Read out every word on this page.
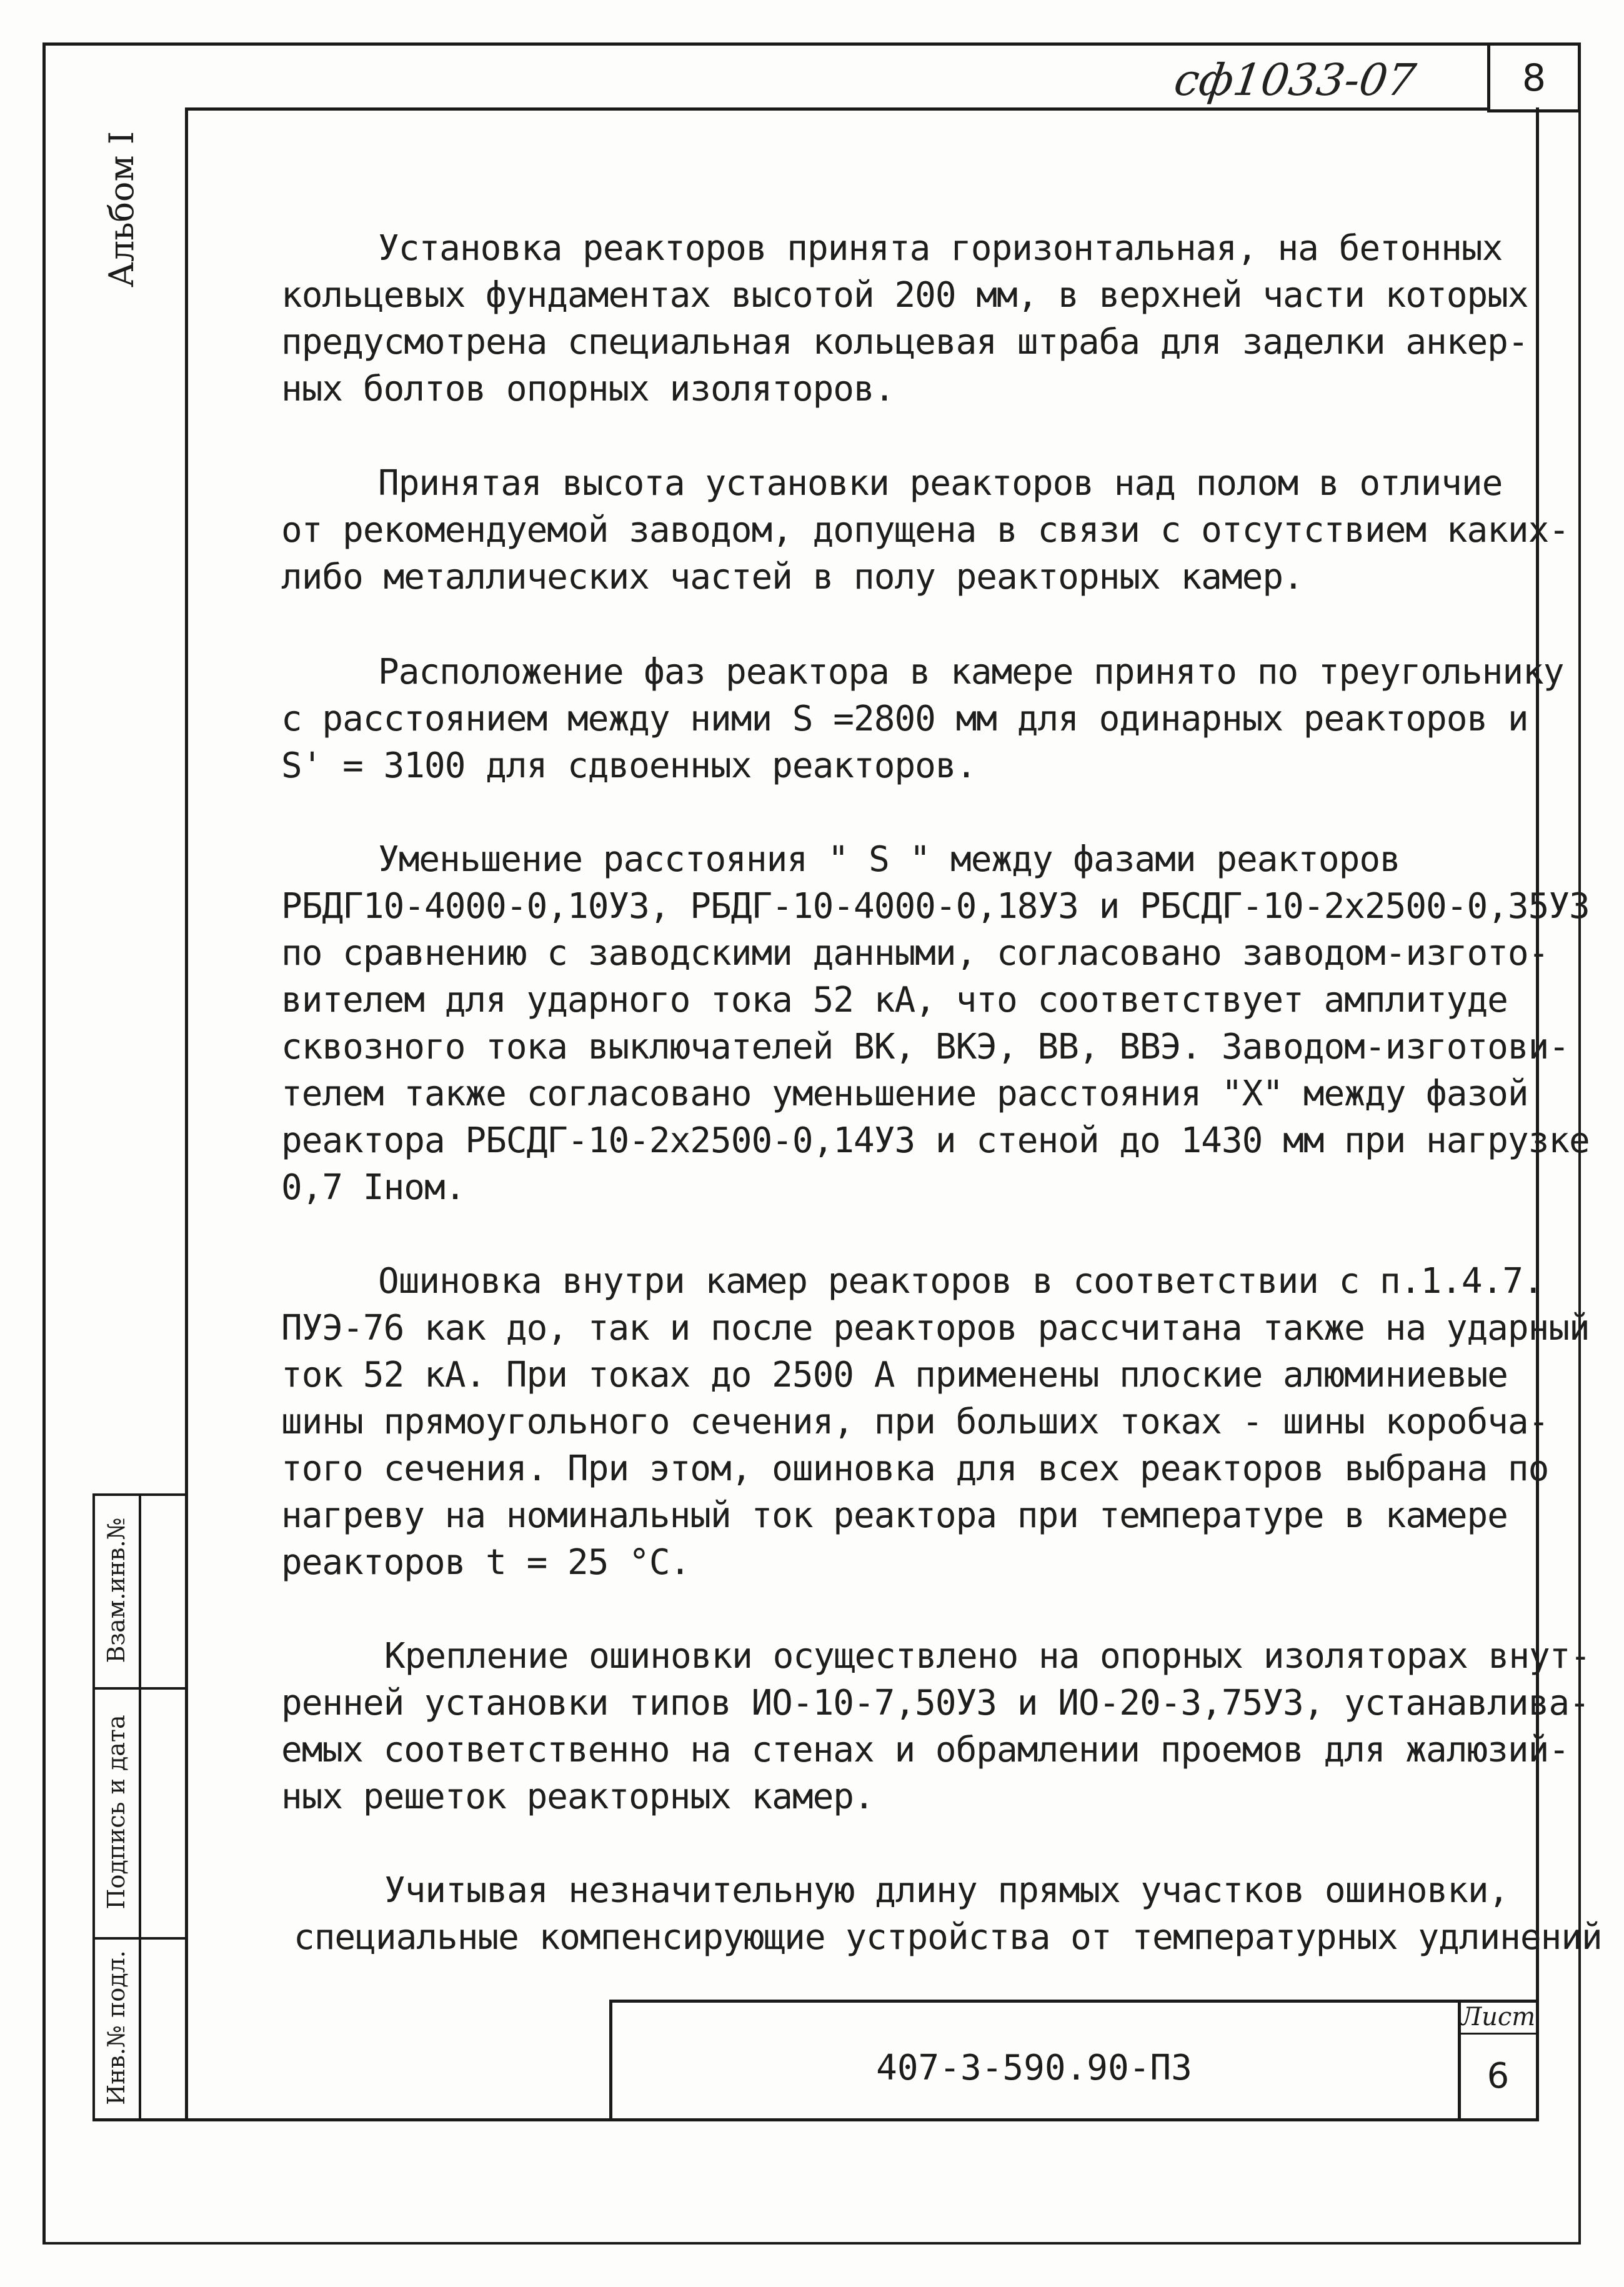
сф1033-07	8
Альбом I
Взам.инв.№
Подпись и дата
Инв.№ подл.
Установка реакторов принята горизонтальная, на бетонных
кольцевых фундаментах высотой 200 мм, в верхней части которых
предусмотрена специальная кольцевая штраба для заделки анкер-
ных болтов опорных изоляторов.
Принятая высота установки реакторов над полом в отличие
от рекомендуемой заводом, допущена в связи с отсутствием каких-
либо металлических частей в полу реакторных камер.
Расположение фаз реактора в камере принято по треугольнику
с расстоянием между ними S =2800 мм для одинарных реакторов и
S' = 3100 для сдвоенных реакторов.
Уменьшение расстояния " S " между фазами реакторов
РБДГ10-4000-0,10УЗ, РБДГ-10-4000-0,18УЗ и РБСДГ-10-2х2500-0,35УЗ
по сравнению с заводскими данными, согласовано заводом-изгото-
вителем для ударного тока 52 кА, что соответствует амплитуде
сквозного тока выключателей ВК, ВКЭ, ВВ, ВВЭ. Заводом-изготови-
телем также согласовано уменьшение расстояния "Х" между фазой
реактора РБСДГ-10-2х2500-0,14УЗ и стеной до 1430 мм при нагрузке
0,7 Iном.
Ошиновка внутри камер реакторов в соответствии с п.1.4.7.
ПУЭ-76 как до, так и после реакторов рассчитана также на ударный
ток 52 кА. При токах до 2500 А применены плоские алюминиевые
шины прямоугольного сечения, при больших токах - шины коробча-
того сечения. При этом, ошиновка для всех реакторов выбрана по
нагреву на номинальный ток реактора при температуре в камере
реакторов t = 25 °С.
Крепление ошиновки осуществлено на опорных изоляторах внут-
ренней установки типов ИО-10-7,50УЗ и ИО-20-3,75УЗ, устанавлива-
емых соответственно на стенах и обрамлении проемов для жалюзий-
ных решеток реакторных камер.
Учитывая незначительную длину прямых участков ошиновки,
специальные компенсирующие устройства от температурных удлинений
407-3-590.90-ПЗ
Лист
6
